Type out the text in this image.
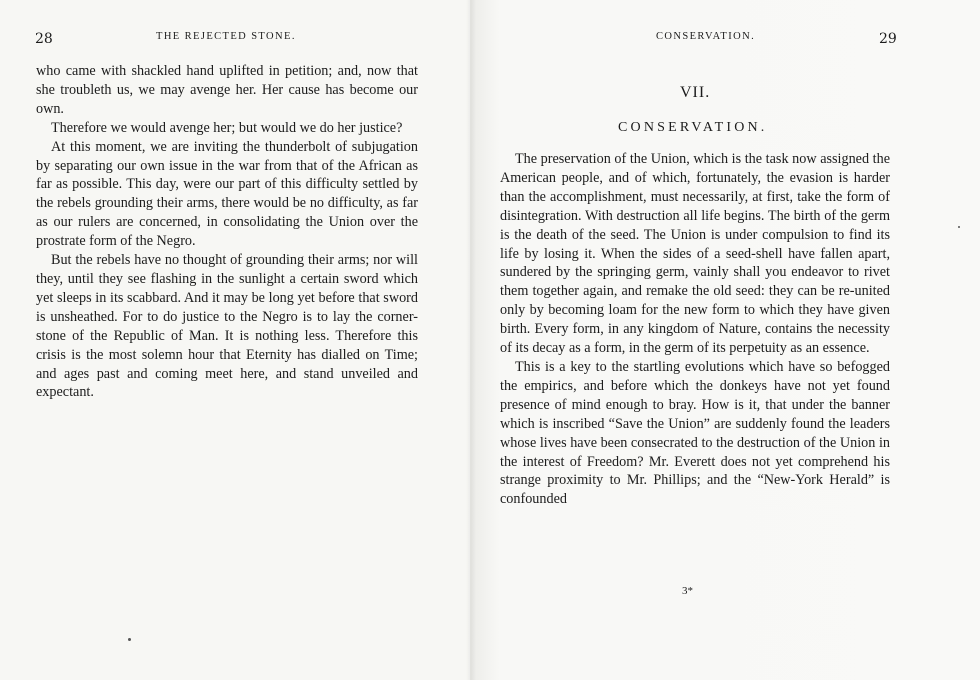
28	THE REJECTED STONE.

who came with shackled hand uplifted in petition; and, now that she troubleth us, we may avenge her. Her cause has become our own.

Therefore we would avenge her; but would we do her justice?

At this moment, we are inviting the thunderbolt of subjugation by separating our own issue in the war from that of the African as far as possible. This day, were our part of this difficulty settled by the rebels grounding their arms, there would be no difficulty, as far as our rulers are concerned, in consolidating the Union over the prostrate form of the Negro.

But the rebels have no thought of grounding their arms; nor will they, until they see flashing in the sunlight a certain sword which yet sleeps in its scabbard. And it may be long yet before that sword is unsheathed. For to do justice to the Negro is to lay the corner-stone of the Republic of Man. It is nothing less. Therefore this crisis is the most solemn hour that Eternity has dialled on Time; and ages past and coming meet here, and stand unveiled and expectant.

CONSERVATION.	29
VII.
CONSERVATION.

The preservation of the Union, which is the task now assigned the American people, and of which, fortunately, the evasion is harder than the accomplishment, must necessarily, at first, take the form of disintegration. With destruction all life begins. The birth of the germ is the death of the seed. The Union is under compulsion to find its life by losing it. When the sides of a seed-shell have fallen apart, sundered by the springing germ, vainly shall you endeavor to rivet them together again, and remake the old seed: they can be re-united only by becoming loam for the new form to which they have given birth. Every form, in any kingdom of Nature, contains the necessity of its decay as a form, in the germ of its perpetuity as an essence.

This is a key to the startling evolutions which have so befogged the empirics, and before which the donkeys have not yet found presence of mind enough to bray. How is it, that under the banner which is inscribed “Save the Union” are suddenly found the leaders whose lives have been consecrated to the destruction of the Union in the interest of Freedom? Mr. Everett does not yet comprehend his strange proximity to Mr. Phillips; and the “New-York Herald” is confounded

3*
